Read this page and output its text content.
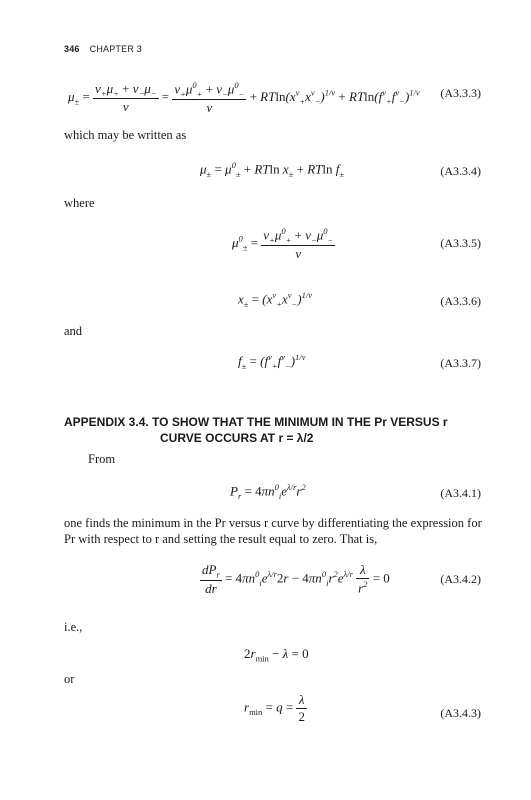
346 CHAPTER 3
$\mu_\pm = \frac{\nu_+\mu_+ + \nu_-\mu_-}{\nu} = \frac{\nu_+\mu^0_+ + \nu_-\mu^0_-}{\nu} + RTln(x^\nu_+x^\nu_-)^{1/\nu} + RTln(f^\nu_+f^\nu_-)^{1/\nu}$ (A3.3.3)
which may be written as
$\mu_\pm = \mu^0_\pm + RTln$ $x_\pm + RTln$ $f_\pm$	(A3.3.4)
where
$\mu^0_\pm = \frac{\nu_+\mu^0_+ + \nu_-\mu^0_-}{\nu}$	(A3.3.5)
$x_\pm = (x^\nu_+x^\nu_-)^{1/\nu}$	(A3.3.6)
and
$f_\pm = (f^\nu_+f^\nu_-)^{1/\nu}$	(A3.3.7)
APPENDIX 3.4. TO SHOW THAT THE MINIMUM IN THE Pr VERSUS r
CURVE OCCURS AT r = λ/2
From
$P_r = 4\pi n^0_ie^{\lambda/r}r^2$	(A3.4.1)
one finds the minimum in the Pr versus r curve by differentiating the expression for
Pr with respect to r and setting the result equal to zero. That is,
$\frac{dP_r}{dr} = 4\pi n^0_ie^{\lambda/r}2r - 4\pi n^0_ir^2e^{\lambda/r} \frac{\lambda}{r^2} = 0$	(A3.4.2)
i.e.,
$2r_{min} - \lambda = 0$
or
$r_{min} = q = \frac{\lambda}{2}$	(A3.4.3)
